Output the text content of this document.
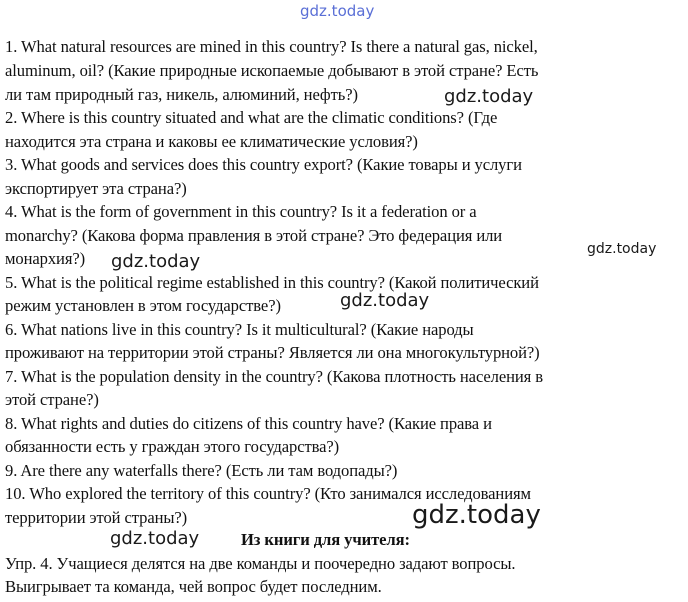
gdz.today
1. What natural resources are mined in this country? Is there a natural gas, nickel,
aluminum, oil? (Какие природные ископаемые добывают в этой стране? Есть
ли там природный газ, никель, алюминий, нефть?)	gdz.today
2. Where is this country situated and what are the climatic conditions? (Где
находится эта страна и каковы ее климатические условия?)
3. What goods and services does this country export? (Какие товары и услуги
экспортирует эта страна?)
4. What is the form of government in this country? Is it a federation or a
monarchy? (Какова форма правления в этой стране? Это федерация или
gdz.today
монархия?) gdz.today
5. What is the political regime established in this country? (Какой политический
режим установлен в этом государстве?)	gdz.today
6. What nations live in this country? Is it multicultural? (Какие народы
проживают на территории этой страны? Является ли она многокультурной?)
7. What is the population density in the country? (Какова плотность населения в
этой стране?)
8. What rights and duties do citizens of this country have? (Какие права и
обязанности есть у граждан этого государства?)
9. Are there any waterfalls there? (Есть ли там водопады?)
10. Who explored the territory of this country? (Кто занимался исследованиям
территории этой страны?)	gdz.today
gdz.today	Из книги для учителя:
Упр. 4. Учащиеся делятся на две команды и поочередно задают вопросы.
Выигрывает та команда, чей вопрос будет последним.
